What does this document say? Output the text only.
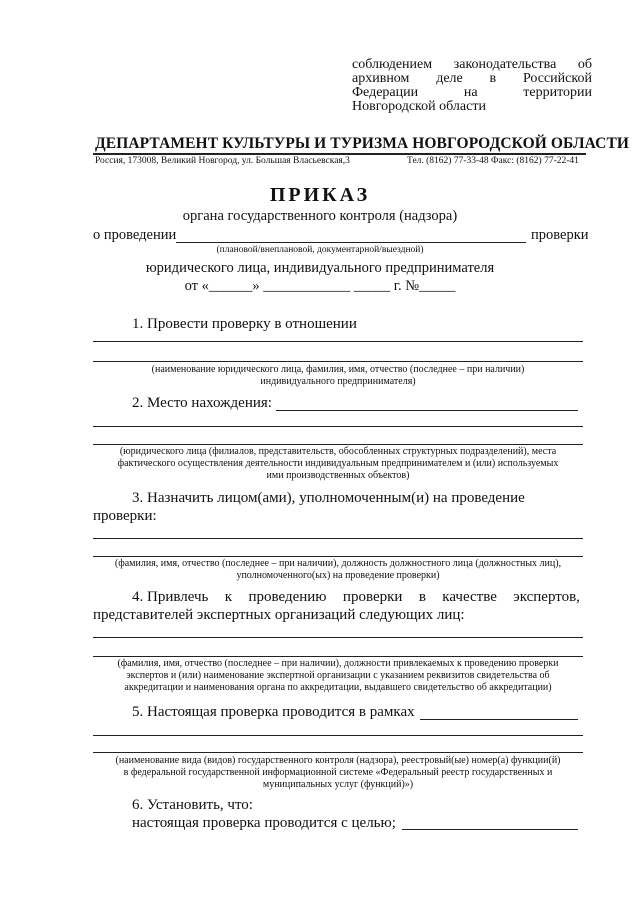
соблюдением законодательства об
архивном деле в Российской
Федерации	на	территории
Новгородской области
ДЕПАРТАМЕНТ КУЛЬТУРЫ И ТУРИЗМА НОВГОРОДСКОЙ ОБЛАСТИ
Россия, 173008, Великий Новгород, ул. Большая Власьевская,3	Тел. (8162) 77-33-48 Факс: (8162) 77-22-41
ПРИКАЗ
органа государственного контроля (надзора)
о проведении	проверки
(плановой/внеплановой, документарной/выездной)
юридического лица, индивидуального предпринимателя
от «______» ____________ _____ г. №_____
1. Провести проверку в отношении
(наименование юридического лица, фамилия, имя, отчество (последнее – при наличии)
индивидуального предпринимателя)
2. Место нахождения:
(юридического лица (филиалов, представительств, обособленных структурных подразделений), места
фактического осуществления деятельности индивидуальным предпринимателем и (или) используемых
ими производственных объектов)
3. Назначить лицом(ами), уполномоченным(и) на проведение
проверки:
(фамилия, имя, отчество (последнее – при наличии), должность должностного лица (должностных лиц),
уполномоченного(ых) на проведение проверки)
4. Привлечь к проведению проверки в качестве экспертов,
представителей экспертных организаций следующих лиц:
(фамилия, имя, отчество (последнее – при наличии), должности привлекаемых к проведению проверки
экспертов и (или) наименование экспертной организации с указанием реквизитов свидетельства об
аккредитации и наименования органа по аккредитации, выдавшего свидетельство об аккредитации)
5. Настоящая проверка проводится в рамках
(наименование вида (видов) государственного контроля (надзора), реестровый(ые) номер(а) функции(й)
в федеральной государственной информационной системе «Федеральный реестр государственных и
муниципальных услуг (функций)»)
6. Установить, что:
настоящая проверка проводится с целью;
